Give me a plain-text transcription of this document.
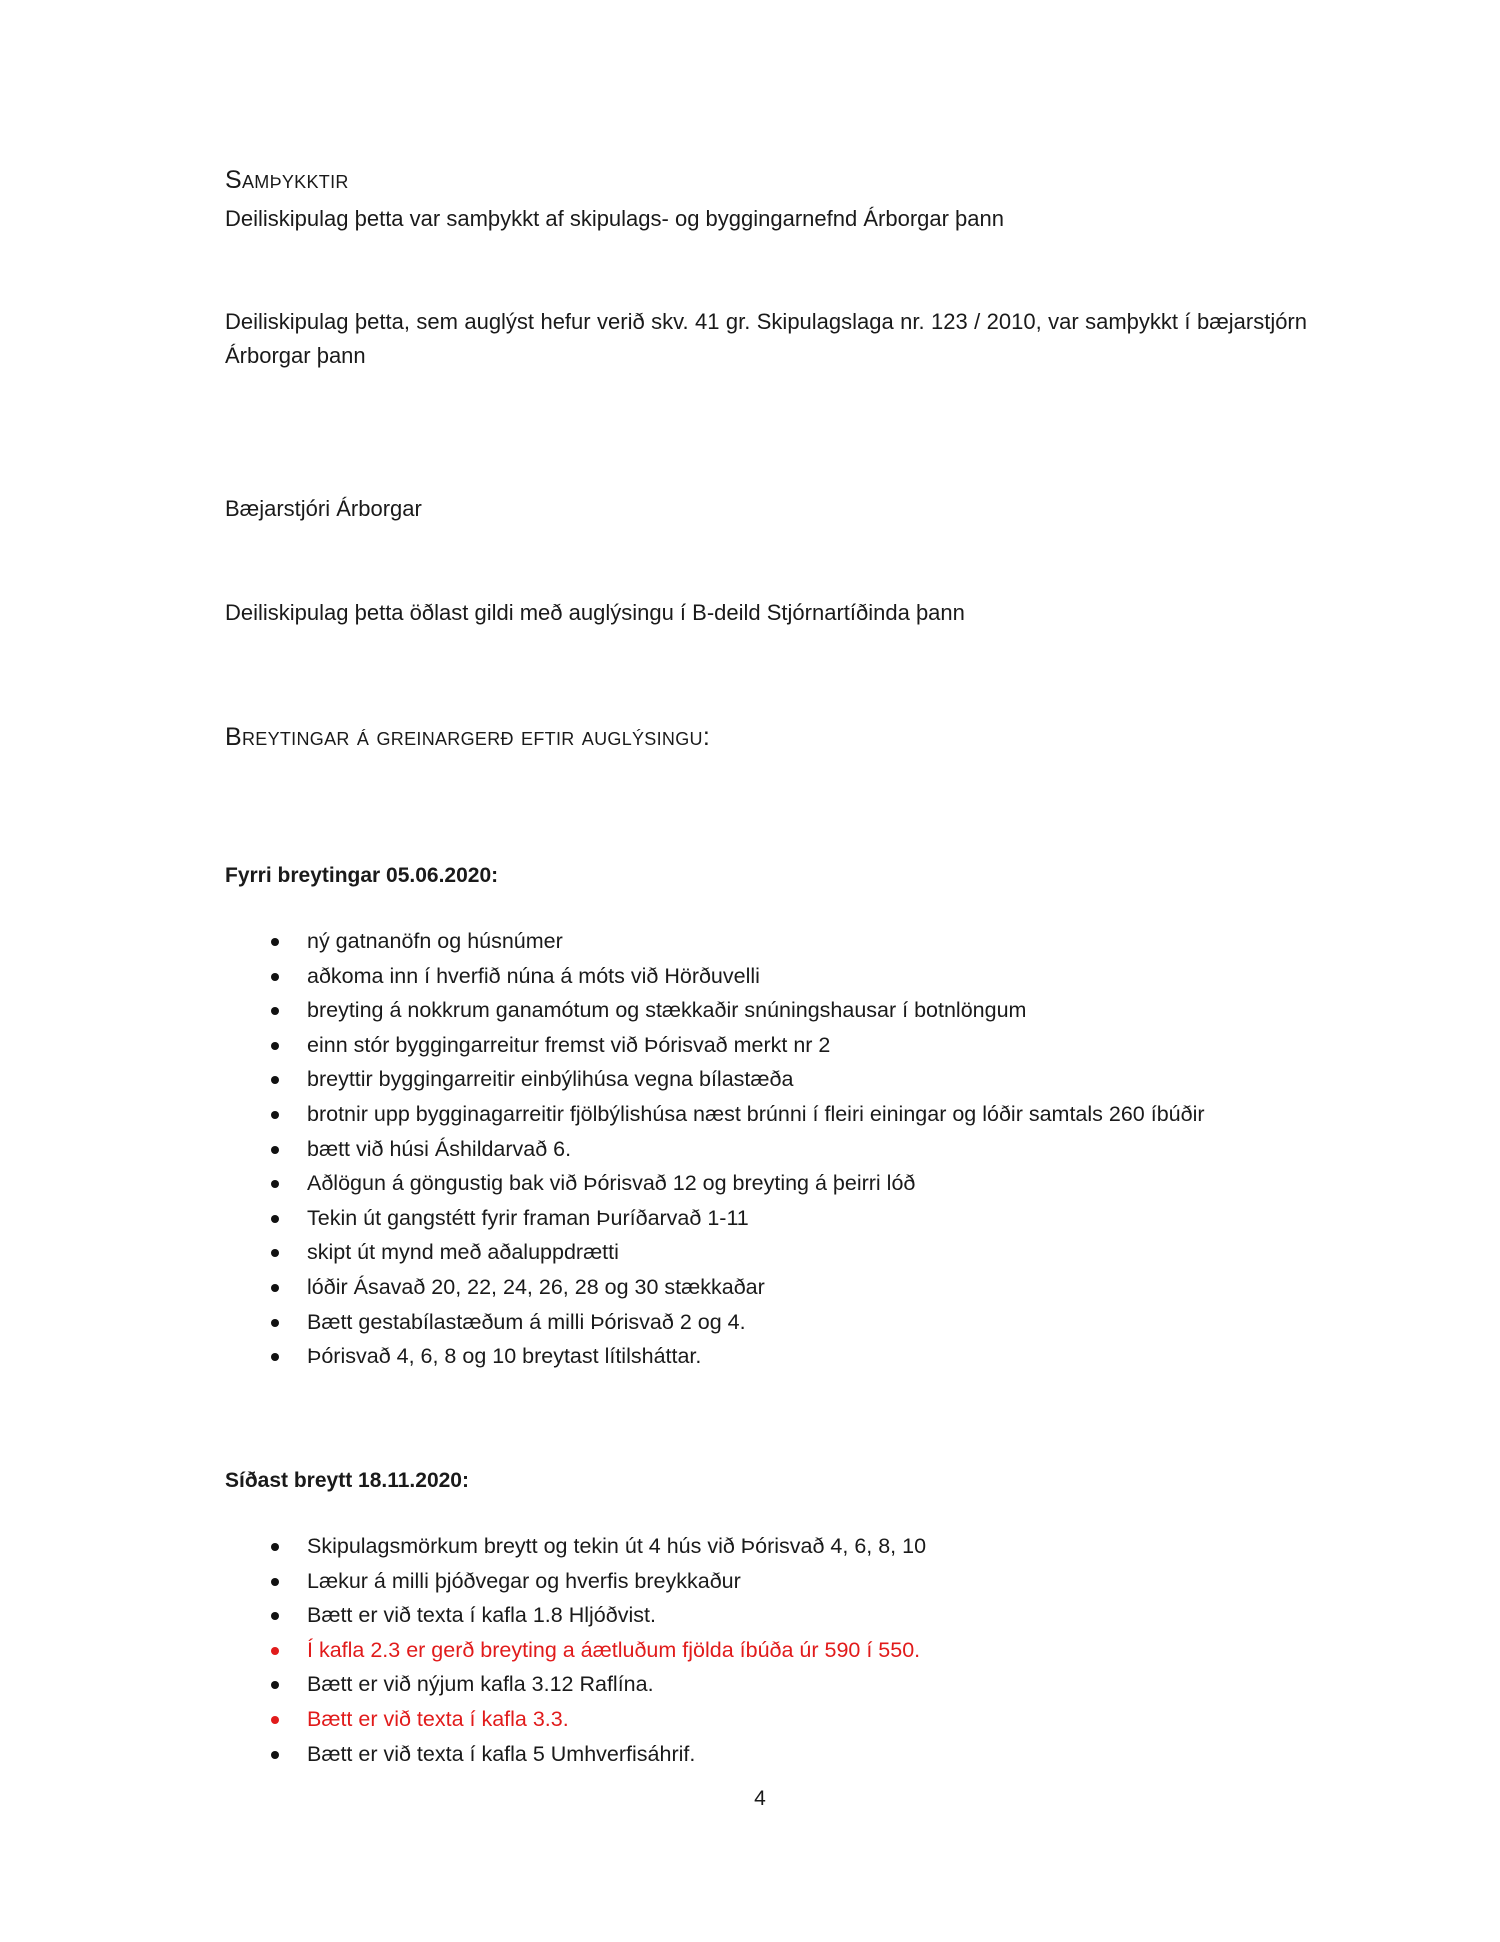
Samþykktir
Deiliskipulag þetta var samþykkt af skipulags- og byggingarnefnd Árborgar þann
Deiliskipulag þetta, sem auglýst hefur verið skv. 41 gr. Skipulagslaga nr. 123 / 2010, var samþykkt í bæjarstjórn Árborgar þann
Bæjarstjóri Árborgar
Deiliskipulag þetta öðlast gildi með auglýsingu í B-deild Stjórnartíðinda þann
Breytingar á greinargerð eftir auglýsingu:
Fyrri breytingar 05.06.2020:
ný gatnanöfn og húsnúmer
aðkoma inn í hverfið núna á móts við Hörðuvelli
breyting á nokkrum ganamótum og stækkaðir snúningshausar í botnlöngum
einn stór byggingarreitur fremst við Þórisvað merkt nr 2
breyttir byggingarreitir einbýlihúsa vegna bílastæða
brotnir upp bygginagarreitir fjölbýlishúsa næst brúnni í fleiri einingar og lóðir samtals 260 íbúðir
bætt við húsi Áshildarvað 6.
Aðlögun á göngustig bak við Þórisvað 12 og breyting á þeirri lóð
Tekin út gangstétt fyrir framan Þuríðarvað 1-11
skipt út mynd með aðaluppdrætti
lóðir Ásavað 20, 22, 24, 26, 28 og 30 stækkaðar
Bætt gestabílastæðum á milli Þórisvað 2 og 4.
Þórisvað 4, 6, 8 og 10 breytast lítilsháttar.
Síðast breytt 18.11.2020:
Skipulagsmörkum breytt og tekin út 4 hús við Þórisvað 4, 6, 8, 10
Lækur á milli þjóðvegar og hverfis breykkaður
Bætt er við texta í kafla 1.8 Hljóðvist.
Í kafla 2.3 er gerð breyting a áætluðum fjölda íbúða úr 590 í 550.
Bætt er við nýjum kafla 3.12 Raflína.
Bætt er við texta í kafla 3.3.
Bætt er við texta í kafla 5 Umhverfisáhrif.
4
